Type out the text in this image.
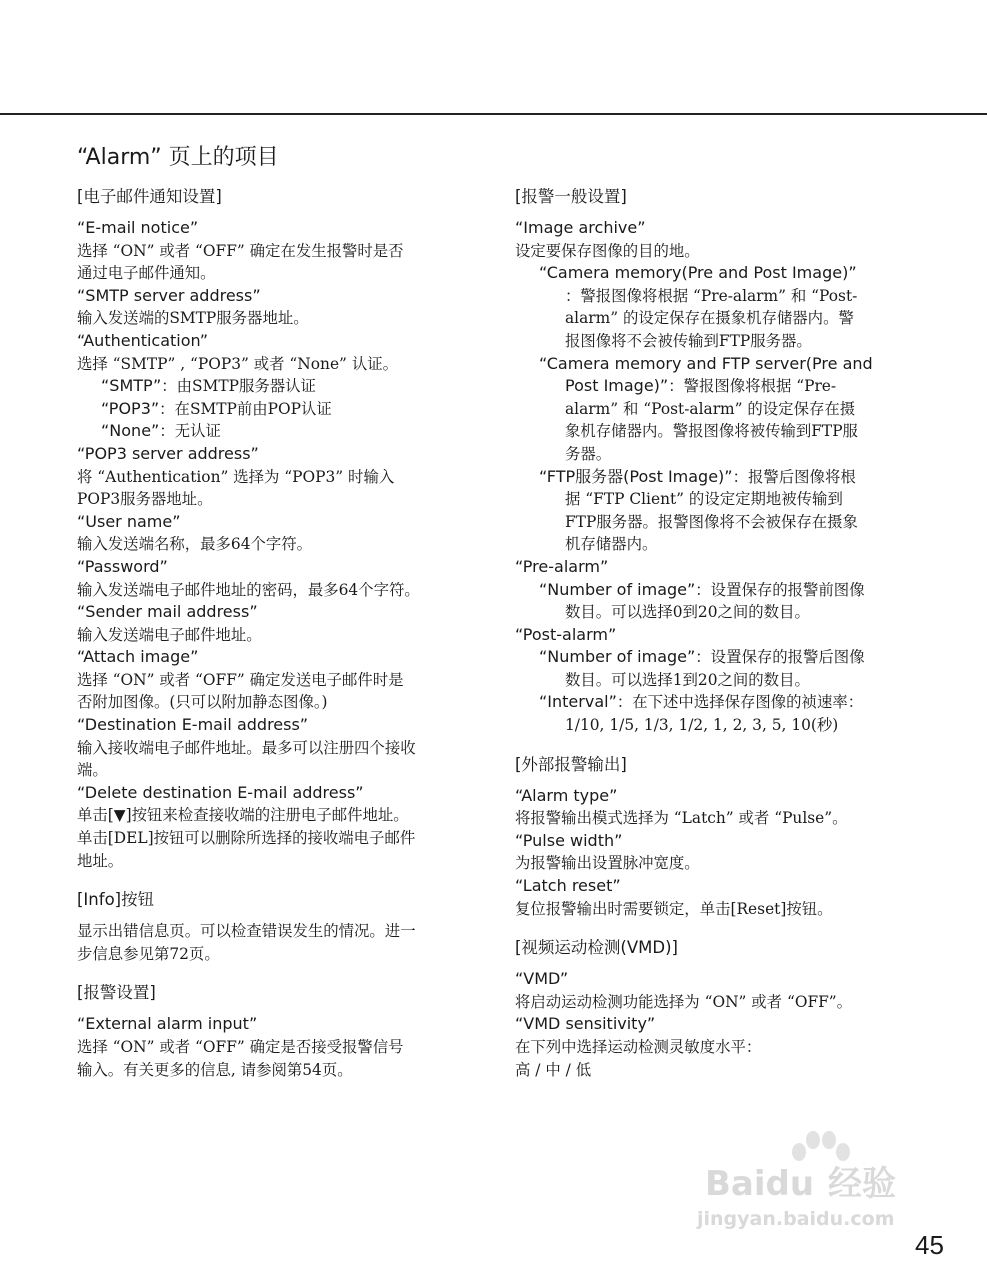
“Alarm” 页上的项目
[电子邮件通知设置]
“E-mail notice”
选择 “ON” 或者 “OFF” 确定在发生报警时是否
通过电子邮件通知。
“SMTP server address”
输入发送端的SMTP服务器地址。
“Authentication”
选择 “SMTP” , “POP3” 或者 “None” 认证。
“SMTP”：由SMTP服务器认证
“POP3”：在SMTP前由POP认证
“None”：无认证
“POP3 server address”
将 “Authentication” 选择为 “POP3” 时输入
POP3服务器地址。
“User name”
输入发送端名称，最多64个字符。
“Password”
输入发送端电子邮件地址的密码，最多64个字符。
“Sender mail address”
输入发送端电子邮件地址。
“Attach image”
选择 “ON” 或者 “OFF” 确定发送电子邮件时是
否附加图像。(只可以附加静态图像。)
“Destination E-mail address”
输入接收端电子邮件地址。最多可以注册四个接收
端。
“Delete destination E-mail address”
单击[▼]按钮来检查接收端的注册电子邮件地址。
单击[DEL]按钮可以删除所选择的接收端电子邮件
地址。
[Info]按钮
显示出错信息页。可以检查错误发生的情况。进一
步信息参见第72页。
[报警设置]
“External alarm input”
选择 “ON” 或者 “OFF” 确定是否接受报警信号
输入。有关更多的信息, 请参阅第54页。
[报警一般设置]
“Image archive”
设定要保存图像的目的地。
“Camera memory(Pre and Post Image)”
：警报图像将根据 “Pre-alarm” 和 “Post-
alarm” 的设定保存在摄象机存储器内。警
报图像将不会被传输到FTP服务器。
“Camera memory and FTP server(Pre and
Post Image)”：警报图像将根据 “Pre-
alarm” 和 “Post-alarm” 的设定保存在摄
象机存储器内。警报图像将被传输到FTP服
务器。
“FTP服务器(Post Image)”：报警后图像将根
据 “FTP Client” 的设定定期地被传输到
FTP服务器。报警图像将不会被保存在摄象
机存储器内。
“Pre-alarm”
“Number of image”：设置保存的报警前图像
数目。可以选择0到20之间的数目。
“Post-alarm”
“Number of image”：设置保存的报警后图像
数目。可以选择1到20之间的数目。
“Interval”：在下述中选择保存图像的祯速率：
1/10, 1/5, 1/3, 1/2, 1, 2, 3, 5, 10(秒)
[外部报警输出]
“Alarm type”
将报警输出模式选择为 “Latch” 或者 “Pulse”。
“Pulse width”
为报警输出设置脉冲宽度。
“Latch reset”
复位报警输出时需要锁定，单击[Reset]按钮。
[视频运动检测(VMD)]
“VMD”
将启动运动检测功能选择为 “ON” 或者 “OFF”。
“VMD sensitivity”
在下列中选择运动检测灵敏度水平：
高 / 中 / 低
Baidu 经验
jingyan.baidu.com
45
